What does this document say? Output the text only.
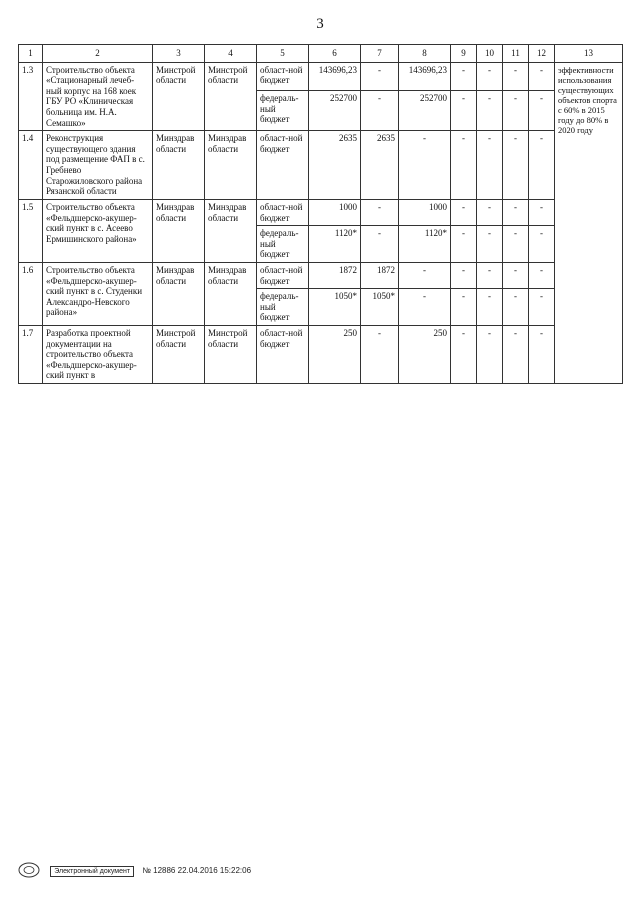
3
1	2	3	4	5	6	7	8	9	10	11	12	13
1.3	Строительство объекта «Стационарный лечеб-ный корпус на 168 коек ГБУ РО «Клиническая больница им. Н.А. Семашко»	Минстрой области	Минстрой области	област-ной бюджет	143696,23	-	143696,23	-	-	-	-	эффективности использования существующих объектов спорта с 60% в 2015 году до 80% в 2020 году
				федераль-ный бюджет	252700	-	252700	-	-	-	-	
1.4	Реконструкция существующего здания под размещение ФАП в с. Гребнево Старожиловского района Рязанской области	Минздрав области	Минздрав области	област-ной бюджет	2635	2635	-	-	-	-	-	
1.5	Строительство объекта «Фельдшерско-акушер-ский пункт в с. Асеево Ермишинского района»	Минздрав области	Минздрав области	област-ной бюджет	1000	-	1000	-	-	-	-	
				федераль-ный бюджет	1120*	-	1120*	-	-	-	-	
1.6	Строительство объекта «Фельдшерско-акушер-ский пункт в с. Студенки Александро-Невского района»	Минздрав области	Минздрав области	област-ной бюджет	1872	1872	-	-	-	-	-	
				федераль-ный бюджет	1050*	1050*	-	-	-	-	-	
1.7	Разработка проектной документации на строительство объекта «Фельдшерско-акушер-ский пункт в	Минстрой области	Минстрой области	област-ной бюджет	250	-	250	-	-	-	-	
Электронный документ № 12886 22.04.2016 15:22:06
